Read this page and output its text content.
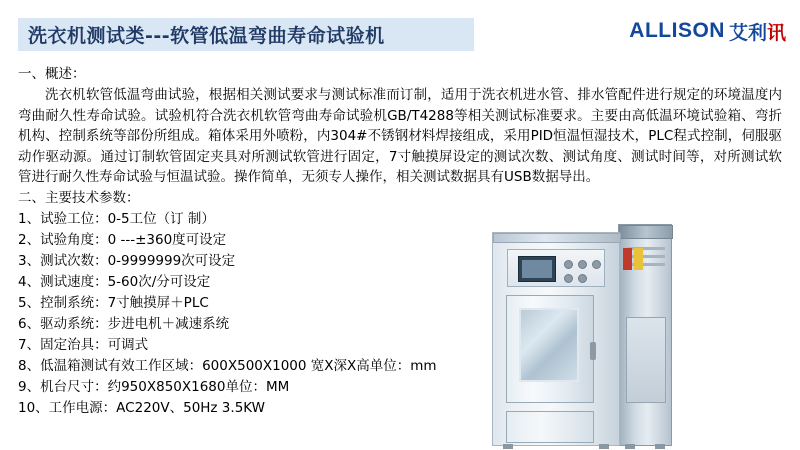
洗衣机测试类---软管低温弯曲寿命试验机	ALLISON 艾利讯
一、概述：

洗衣机软管低温弯曲试验，根据相关测试要求与测试标准而订制，适用于洗衣机进水管、排水管配件进行规定的环境温度内弯曲耐久性寿命试验。试验机符合洗衣机软管弯曲寿命试验机GB/T4288等相关测试标准要求。主要由高低温环境试验箱、弯折机构、控制系统等部份所组成。箱体采用外喷粉，内304#不锈钢材料焊接组成，采用PID恒温恒湿技术，PLC程式控制，伺服驱动作驱动源。通过订制软管固定夹具对所测试软管进行固定，7寸触摸屏设定的测试次数、测试角度、测试时间等，对所测试软管进行耐久性寿命试验与恒温试验。操作简单，无须专人操作，相关测试数据具有USB数据导出。

二、主要技术参数：
1、试验工位：0-5工位（订 制）
2、试验角度：0 ---±360度可设定
3、测试次数：0-9999999次可设定
4、测试速度：5-60次/分可设定
5、控制系统：7寸触摸屏＋PLC
6、驱动系统：步进电机＋减速系统
7、固定治具：可调式
8、低温箱测试有效工作区域：600X500X1000 宽X深X高单位：mm
9、机台尺寸：约950X850X1680单位：MM
10、工作电源：AC220V、50Hz 3.5KW
